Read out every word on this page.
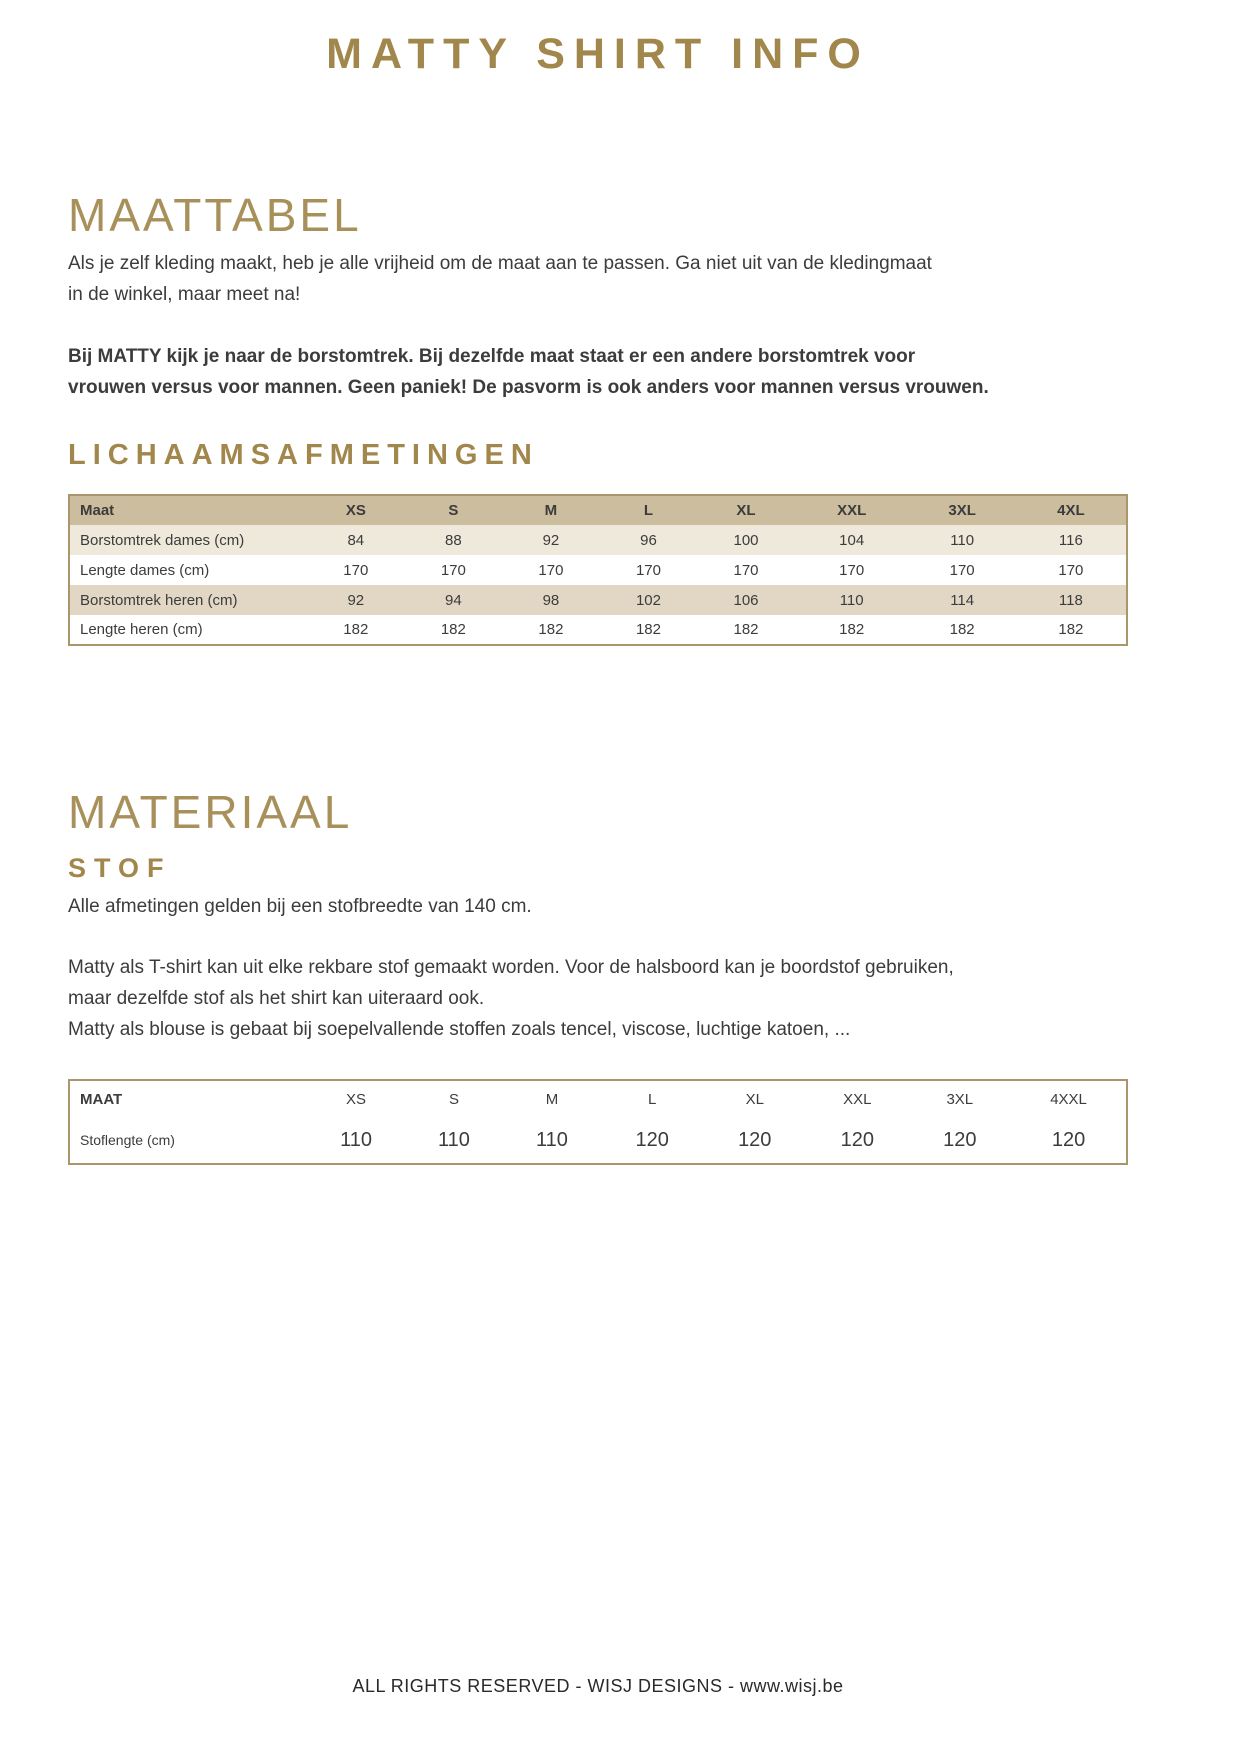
MATTY SHIRT INFO
MAATTABEL

Als je zelf kleding maakt, heb je alle vrijheid om de maat aan te passen. Ga niet uit van de kledingmaat
in de winkel, maar meet na!

Bij MATTY kijk je naar de borstomtrek. Bij dezelfde maat staat er een andere borstomtrek voor
vrouwen versus voor mannen. Geen paniek! De pasvorm is ook anders voor mannen versus vrouwen.

LICHAAMSAFMETINGEN
Maat	XS	S	M	L	XL	XXL	3XL	4XL
Borstomtrek dames (cm)	84	88	92	96	100	104	110	116
Lengte dames (cm)	170	170	170	170	170	170	170	170
Borstomtrek heren (cm)	92	94	98	102	106	110	114	118
Lengte heren (cm)	182	182	182	182	182	182	182	182
MATERIAAL
STOF

Alle afmetingen gelden bij een stofbreedte van 140 cm.

Matty als T-shirt kan uit elke rekbare stof gemaakt worden. Voor de halsboord kan je boordstof gebruiken,
maar dezelfde stof als het shirt kan uiteraard ook.
Matty als blouse is gebaat bij soepelvallende stoffen zoals tencel, viscose, luchtige katoen, ...

MAAT	XS	S	M	L	XL	XXL	3XL	4XXL
Stoflengte (cm)	110	110	110	120	120	120	120	120
ALL RIGHTS RESERVED - WISJ DESIGNS - www.wisj.be
